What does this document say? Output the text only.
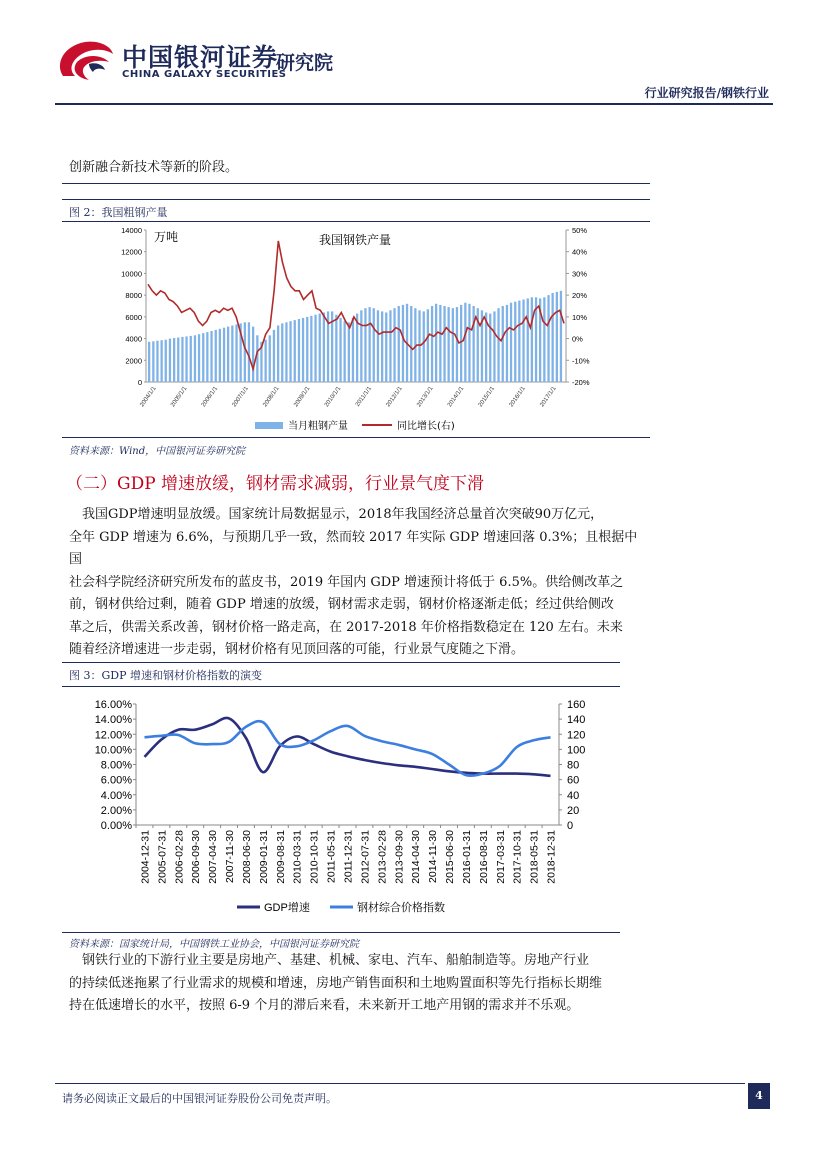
中国银河证券
CHINA GALAXY SECURITIES
研究院
行业研究报告/钢铁行业
创新融合新技术等新的阶段。
图 2：我国粗钢产量
0
2000
4000
6000
8000
10000
12000
14000
-20%
-10%
0%
10%
20%
30%
40%
50%
2004/1/1 2005/1/1 2006/1/1 2007/1/1 2008/1/1 2009/1/1 2010/1/1 2011/1/1 2012/1/1 2013/1/1 2014/1/1 2015/1/1 2016/1/1 2017/1/1
我国钢铁产量
万吨
当月粗钢产量	同比增长(右)
资料来源：Wind，中国银河证券研究院
（二）GDP 增速放缓，钢材需求减弱，行业景气度下滑
我国GDP增速明显放缓。国家统计局数据显示，2018年我国经济总量首次突破90万亿元，
全年 GDP 增速为 6.6%，与预期几乎一致，然而较 2017 年实际 GDP 增速回落 0.3%；且根据中国
社会科学院经济研究所发布的蓝皮书，2019 年国内 GDP 增速预计将低于 6.5%。供给侧改革之
前，钢材供给过剩，随着 GDP 增速的放缓，钢材需求走弱，钢材价格逐渐走低；经过供给侧改
革之后，供需关系改善，钢材价格一路走高，在 2017-2018 年价格指数稳定在 120 左右。未来
随着经济增速进一步走弱，钢材价格有见顶回落的可能，行业景气度随之下滑。
图 3：GDP 增速和钢材价格指数的演变
0.00%
2.00%
4.00%
6.00%
8.00%
10.00%
12.00%
14.00%
16.00%
0
20
40
60
80
100
120
140
160
2004-12-31 2005-07-31 2006-02-28 2006-09-30 2007-04-30 2007-11-30 2008-06-30 2009-01-31 2009-08-31 2010-03-31 2010-10-31 2011-05-31 2011-12-31 2012-07-31 2013-02-28 2013-09-30 2014-04-30 2014-11-30 2015-06-30 2016-01-31 2016-08-31 2017-03-31 2017-10-31 2018-05-31 2018-12-31
GDP增速	钢材综合价格指数
资料来源：国家统计局，中国钢铁工业协会，中国银河证券研究院
钢铁行业的下游行业主要是房地产、基建、机械、家电、汽车、船舶制造等。房地产行业
的持续低迷拖累了行业需求的规模和增速，房地产销售面积和土地购置面积等先行指标长期维
持在低速增长的水平，按照 6-9 个月的滞后来看，未来新开工地产用钢的需求并不乐观。
请务必阅读正文最后的中国银河证券股份公司免责声明。	4
